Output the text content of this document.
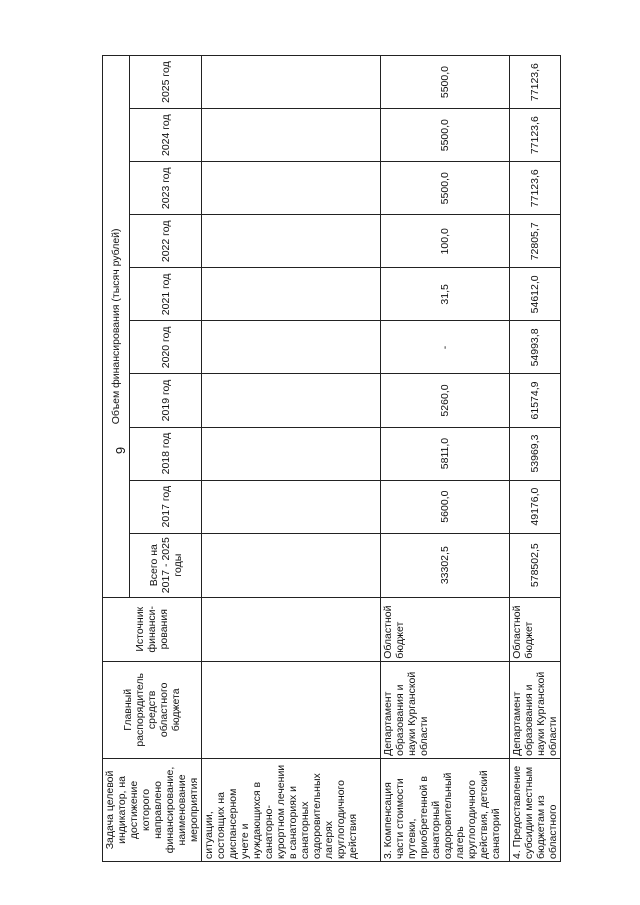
9
Задача целевой индикатор, на достижение которого направлено финансирование, наименование мероприятия	Главный распорядитель средств областного бюджета	Источник финанси-рования	Объем финансирования (тысяч рублей)									
			Всего на 2017 - 2025 годы	2017 год	2018 год	2019 год	2020 год	2021 год	2022 год	2023 год	2024 год	2025 год
ситуации, состоящих на диспансерном учете и нуждающихся в санаторно-курортном лечении в санаториях и санаторных оздоровительных лагерях круглогодичного действия												
3. Компенсация части стоимости путевки, приобретенной в санаторный оздоровительный лагерь круглогодичного действия, детский санаторий	Департамент образования и науки Курганской области	Областной бюджет	33302,5	5600,0	5811,0	5260,0	-	31,5	100,0	5500,0	5500,0	5500,0
4. Предоставление субсидии местным бюджетам из областного	Департамент образования и науки Курганской области	Областной бюджет	578502,5	49176,0	53969,3	61574,9	54993,8	54612,0	72805,7	77123,6	77123,6	77123,6
